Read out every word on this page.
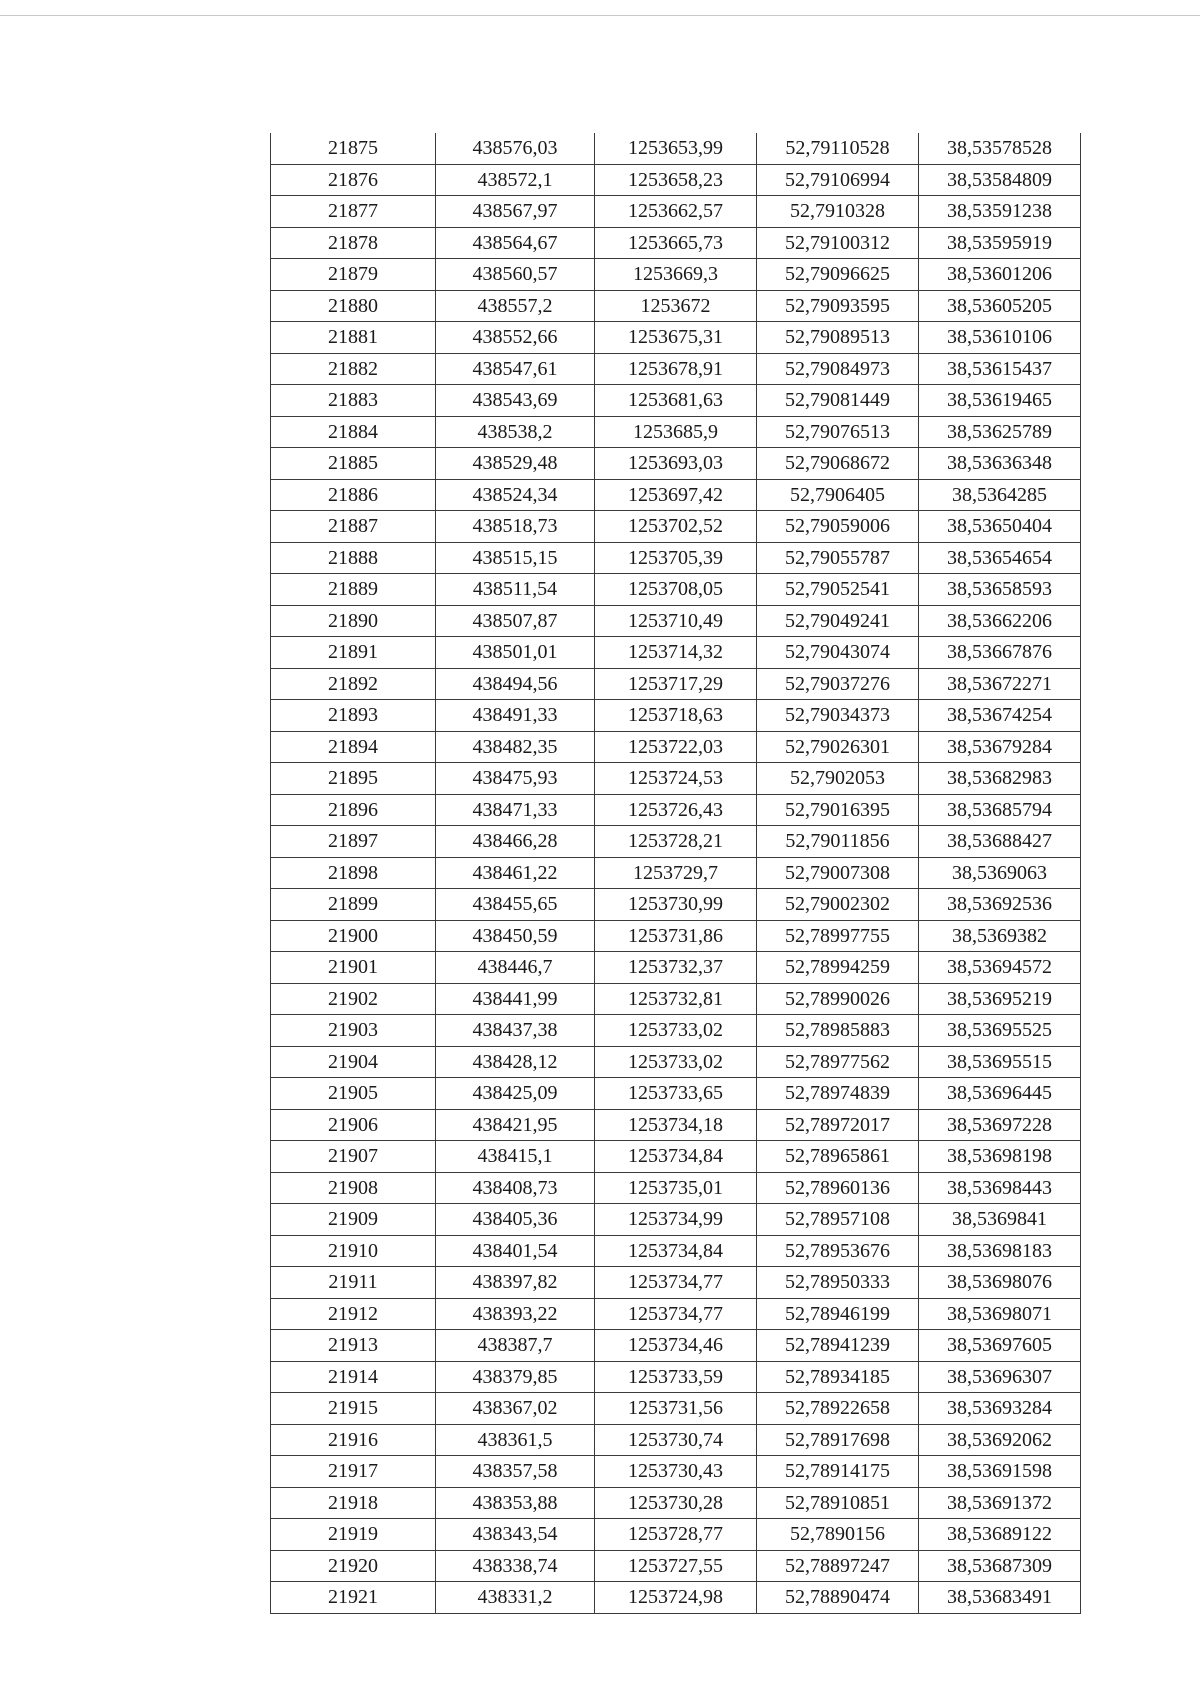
21875	438576,03	1253653,99	52,79110528	38,53578528
21876	438572,1	1253658,23	52,79106994	38,53584809
21877	438567,97	1253662,57	52,7910328	38,53591238
21878	438564,67	1253665,73	52,79100312	38,53595919
21879	438560,57	1253669,3	52,79096625	38,53601206
21880	438557,2	1253672	52,79093595	38,53605205
21881	438552,66	1253675,31	52,79089513	38,53610106
21882	438547,61	1253678,91	52,79084973	38,53615437
21883	438543,69	1253681,63	52,79081449	38,53619465
21884	438538,2	1253685,9	52,79076513	38,53625789
21885	438529,48	1253693,03	52,79068672	38,53636348
21886	438524,34	1253697,42	52,7906405	38,5364285
21887	438518,73	1253702,52	52,79059006	38,53650404
21888	438515,15	1253705,39	52,79055787	38,53654654
21889	438511,54	1253708,05	52,79052541	38,53658593
21890	438507,87	1253710,49	52,79049241	38,53662206
21891	438501,01	1253714,32	52,79043074	38,53667876
21892	438494,56	1253717,29	52,79037276	38,53672271
21893	438491,33	1253718,63	52,79034373	38,53674254
21894	438482,35	1253722,03	52,79026301	38,53679284
21895	438475,93	1253724,53	52,7902053	38,53682983
21896	438471,33	1253726,43	52,79016395	38,53685794
21897	438466,28	1253728,21	52,79011856	38,53688427
21898	438461,22	1253729,7	52,79007308	38,5369063
21899	438455,65	1253730,99	52,79002302	38,53692536
21900	438450,59	1253731,86	52,78997755	38,5369382
21901	438446,7	1253732,37	52,78994259	38,53694572
21902	438441,99	1253732,81	52,78990026	38,53695219
21903	438437,38	1253733,02	52,78985883	38,53695525
21904	438428,12	1253733,02	52,78977562	38,53695515
21905	438425,09	1253733,65	52,78974839	38,53696445
21906	438421,95	1253734,18	52,78972017	38,53697228
21907	438415,1	1253734,84	52,78965861	38,53698198
21908	438408,73	1253735,01	52,78960136	38,53698443
21909	438405,36	1253734,99	52,78957108	38,5369841
21910	438401,54	1253734,84	52,78953676	38,53698183
21911	438397,82	1253734,77	52,78950333	38,53698076
21912	438393,22	1253734,77	52,78946199	38,53698071
21913	438387,7	1253734,46	52,78941239	38,53697605
21914	438379,85	1253733,59	52,78934185	38,53696307
21915	438367,02	1253731,56	52,78922658	38,53693284
21916	438361,5	1253730,74	52,78917698	38,53692062
21917	438357,58	1253730,43	52,78914175	38,53691598
21918	438353,88	1253730,28	52,78910851	38,53691372
21919	438343,54	1253728,77	52,7890156	38,53689122
21920	438338,74	1253727,55	52,78897247	38,53687309
21921	438331,2	1253724,98	52,78890474	38,53683491
